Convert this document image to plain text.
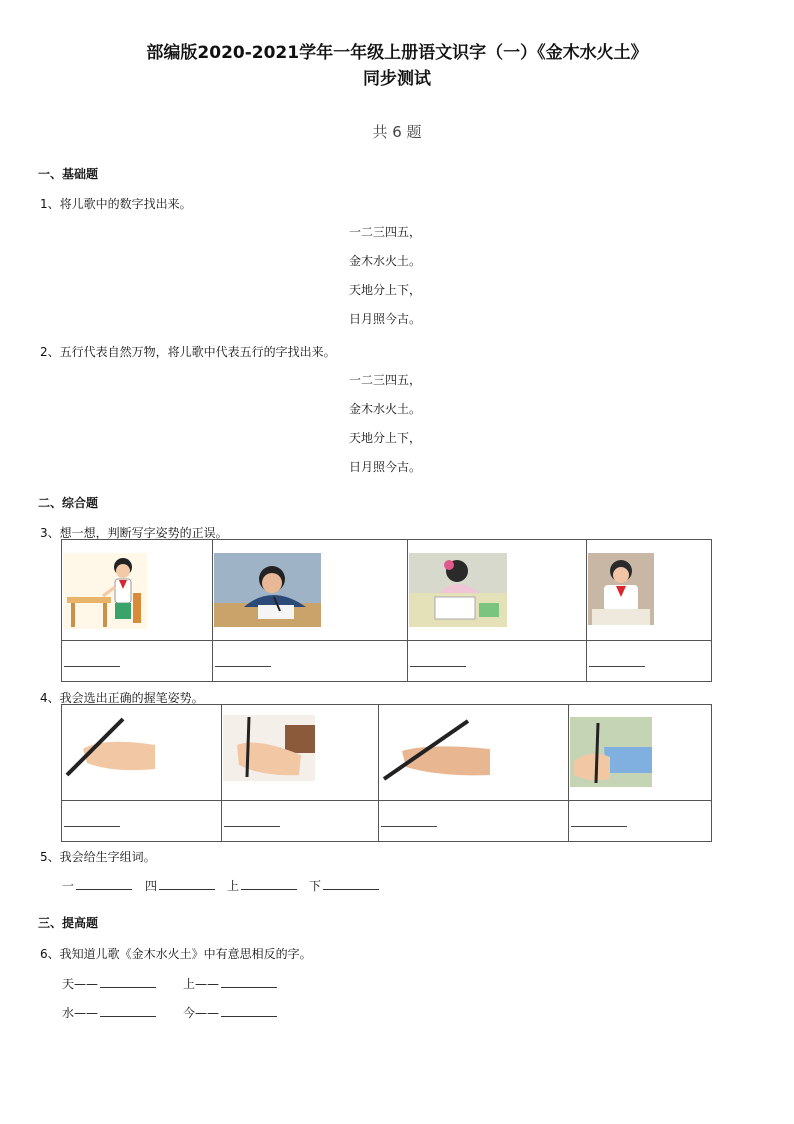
部编版2020-2021学年一年级上册语文识字（一）《金木水火土》
同步测试
共 6 题
一、基础题
1、将儿歌中的数字找出来。
一二三四五，
金木水火土。
天地分上下，
日月照今古。
2、五行代表自然万物，将儿歌中代表五行的字找出来。
一二三四五，
金木水火土。
天地分上下，
日月照今古。
二、综合题
3、想一想，判断写字姿势的正误。

4、我会选出正确的握笔姿势。

5、我会给生字组词。
一	四	上	下
三、提高题
6、我知道儿歌《金木水火土》中有意思相反的字。
天——	上——
水——	今——
